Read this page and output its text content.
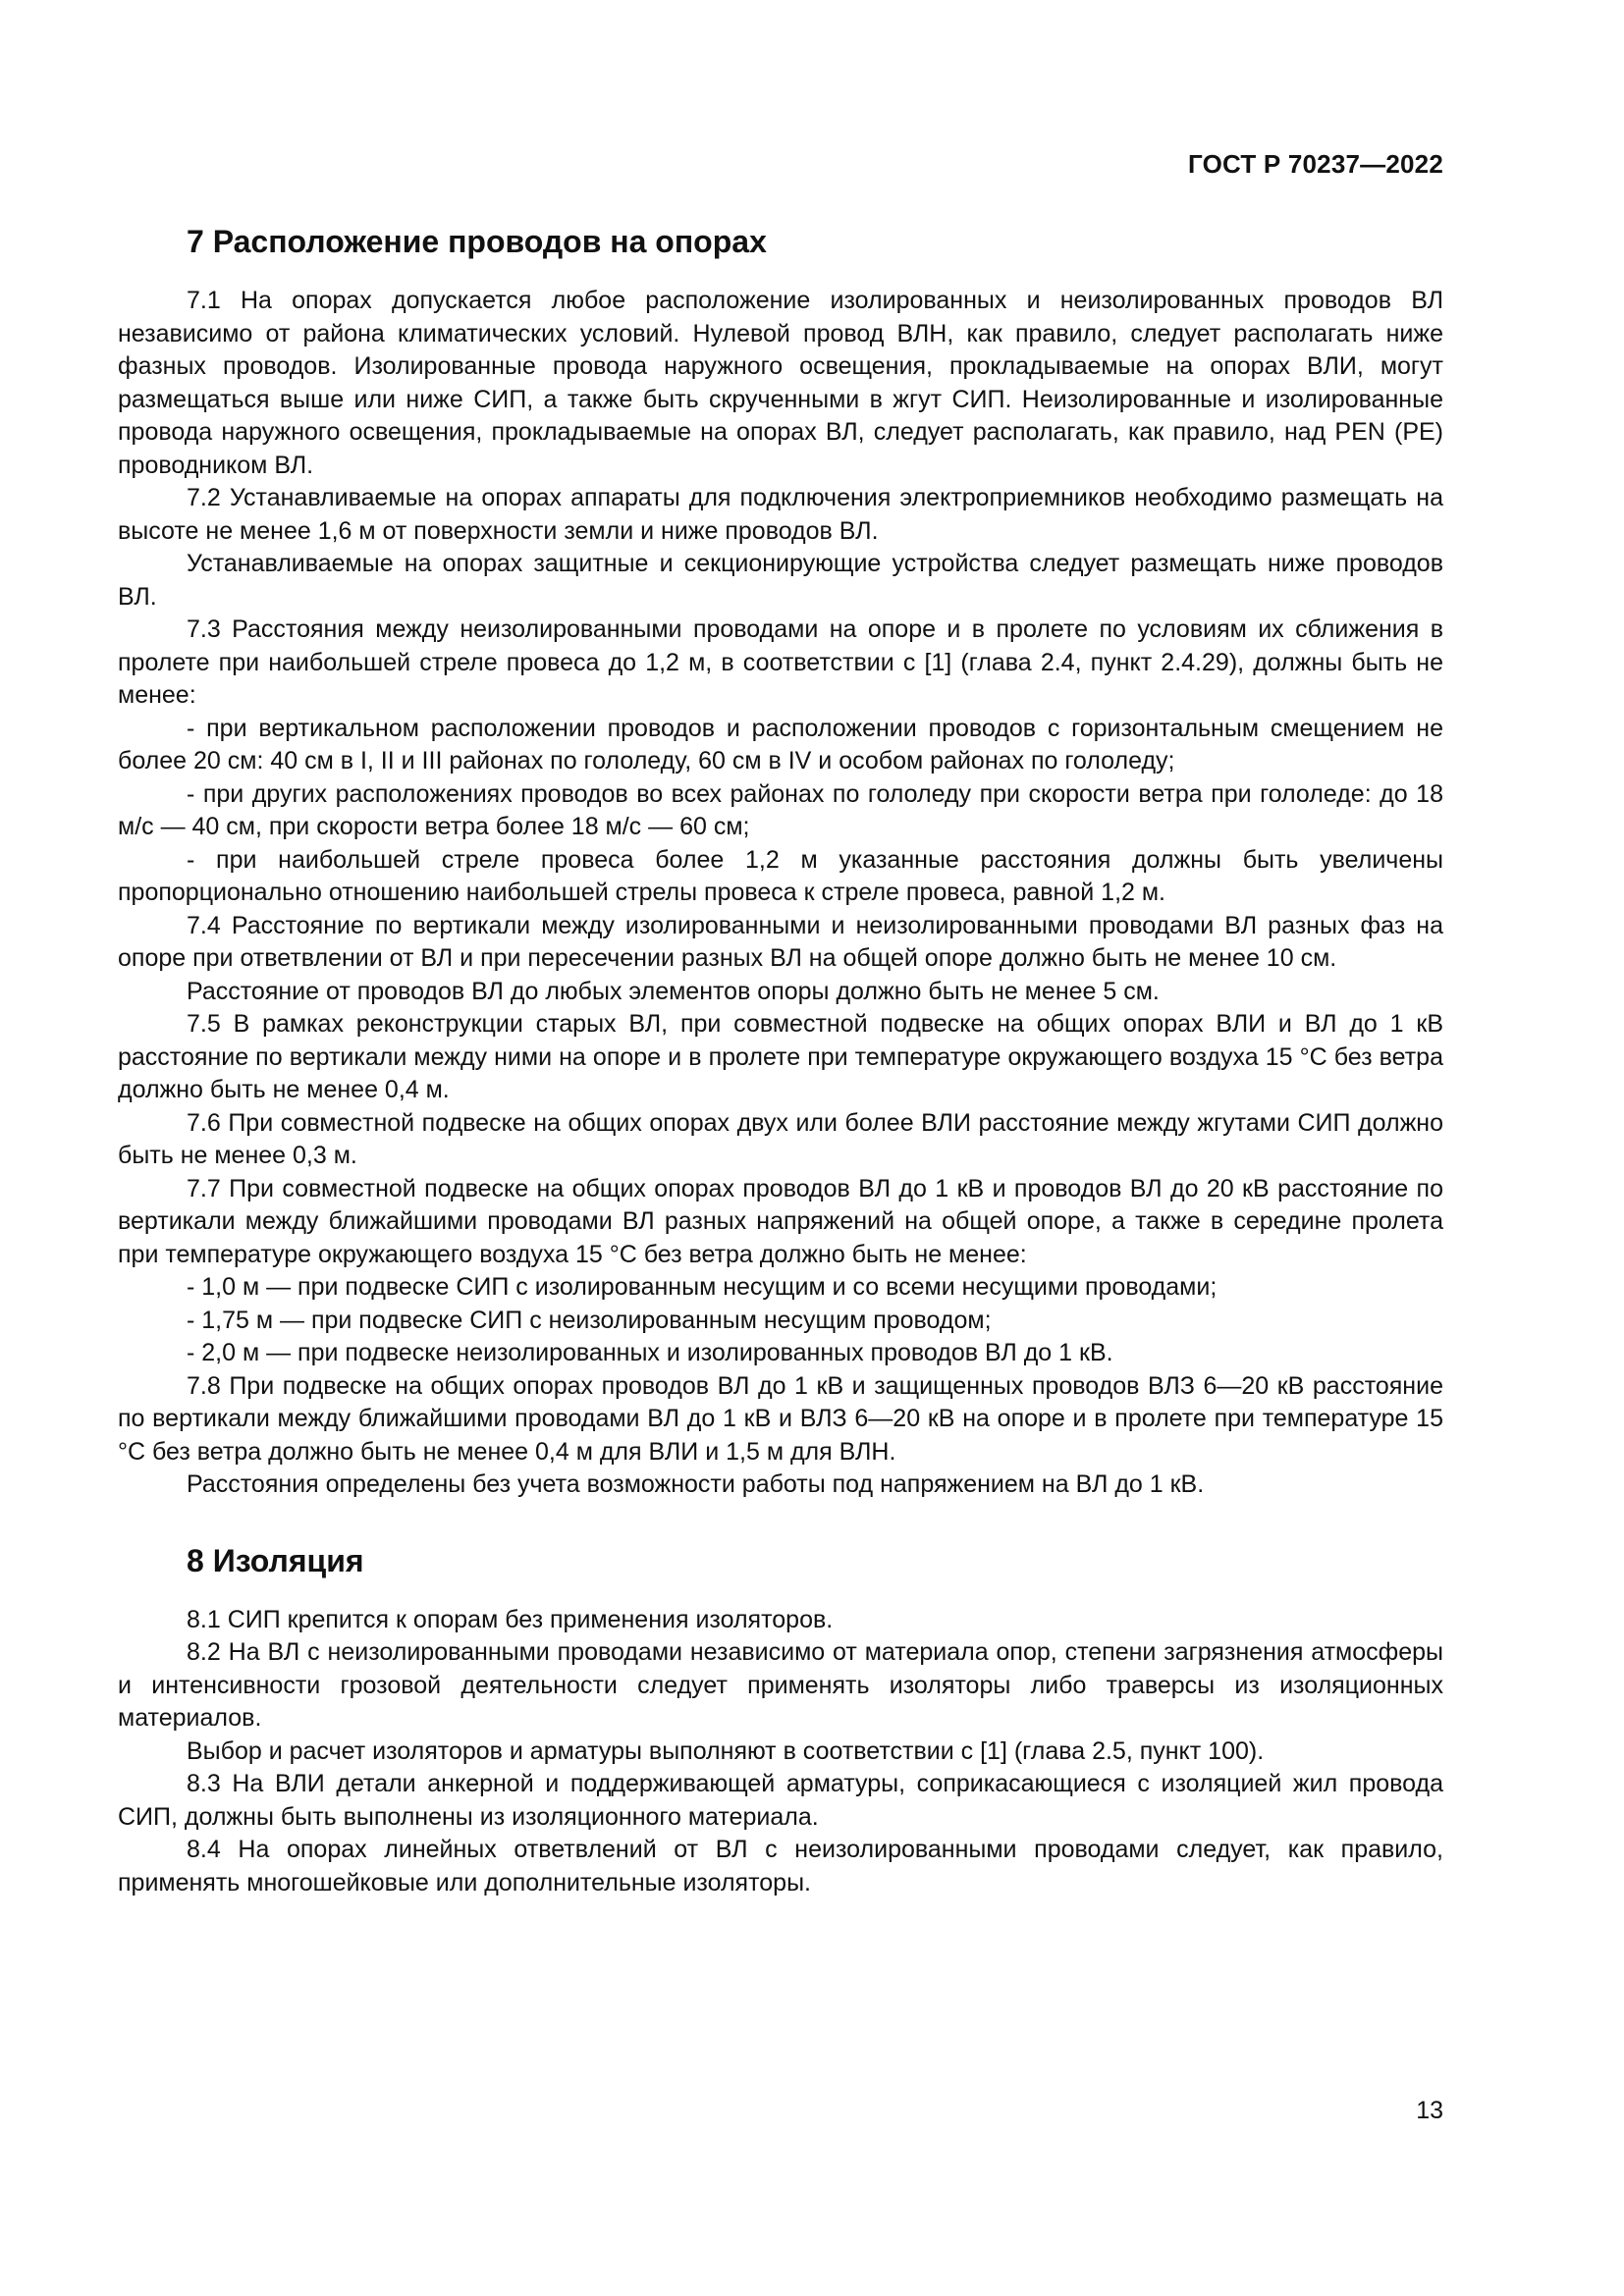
ГОСТ Р 70237—2022
7 Расположение проводов на опорах

7.1 На опорах допускается любое расположение изолированных и неизолированных проводов ВЛ независимо от района климатических условий. Нулевой провод ВЛН, как правило, следует располагать ниже фазных проводов. Изолированные провода наружного освещения, прокладываемые на опорах ВЛИ, могут размещаться выше или ниже СИП, а также быть скрученными в жгут СИП. Неизолированные и изолированные провода наружного освещения, прокладываемые на опорах ВЛ, следует располагать, как правило, над PEN (PE) проводником ВЛ.

7.2 Устанавливаемые на опорах аппараты для подключения электроприемников необходимо размещать на высоте не менее 1,6 м от поверхности земли и ниже проводов ВЛ.

Устанавливаемые на опорах защитные и секционирующие устройства следует размещать ниже проводов ВЛ.

7.3 Расстояния между неизолированными проводами на опоре и в пролете по условиям их сближения в пролете при наибольшей стреле провеса до 1,2 м, в соответствии с [1] (глава 2.4, пункт 2.4.29), должны быть не менее:

- при вертикальном расположении проводов и расположении проводов с горизонтальным смещением не более 20 см: 40 см в I, II и III районах по гололеду, 60 см в IV и особом районах по гололеду;

- при других расположениях проводов во всех районах по гололеду при скорости ветра при гололеде: до 18 м/с — 40 см, при скорости ветра более 18 м/с — 60 см;

- при наибольшей стреле провеса более 1,2 м указанные расстояния должны быть увеличены пропорционально отношению наибольшей стрелы провеса к стреле провеса, равной 1,2 м.

7.4 Расстояние по вертикали между изолированными и неизолированными проводами ВЛ разных фаз на опоре при ответвлении от ВЛ и при пересечении разных ВЛ на общей опоре должно быть не менее 10 см.

Расстояние от проводов ВЛ до любых элементов опоры должно быть не менее 5 см.

7.5 В рамках реконструкции старых ВЛ, при совместной подвеске на общих опорах ВЛИ и ВЛ до 1 кВ расстояние по вертикали между ними на опоре и в пролете при температуре окружающего воздуха 15 °С без ветра должно быть не менее 0,4 м.

7.6 При совместной подвеске на общих опорах двух или более ВЛИ расстояние между жгутами СИП должно быть не менее 0,3 м.

7.7 При совместной подвеске на общих опорах проводов ВЛ до 1 кВ и проводов ВЛ до 20 кВ расстояние по вертикали между ближайшими проводами ВЛ разных напряжений на общей опоре, а также в середине пролета при температуре окружающего воздуха 15 °С без ветра должно быть не менее:

- 1,0 м — при подвеске СИП с изолированным несущим и со всеми несущими проводами;

- 1,75 м — при подвеске СИП с неизолированным несущим проводом;

- 2,0 м — при подвеске неизолированных и изолированных проводов ВЛ до 1 кВ.

7.8 При подвеске на общих опорах проводов ВЛ до 1 кВ и защищенных проводов ВЛЗ 6—20 кВ расстояние по вертикали между ближайшими проводами ВЛ до 1 кВ и ВЛЗ 6—20 кВ на опоре и в пролете при температуре 15 °С без ветра должно быть не менее 0,4 м для ВЛИ и 1,5 м для ВЛН.

Расстояния определены без учета возможности работы под напряжением на ВЛ до 1 кВ.

8 Изоляция

8.1 СИП крепится к опорам без применения изоляторов.

8.2 На ВЛ с неизолированными проводами независимо от материала опор, степени загрязнения атмосферы и интенсивности грозовой деятельности следует применять изоляторы либо траверсы из изоляционных материалов.

Выбор и расчет изоляторов и арматуры выполняют в соответствии с [1] (глава 2.5, пункт 100).

8.3 На ВЛИ детали анкерной и поддерживающей арматуры, соприкасающиеся с изоляцией жил провода СИП, должны быть выполнены из изоляционного материала.

8.4 На опорах линейных ответвлений от ВЛ с неизолированными проводами следует, как правило, применять многошейковые или дополнительные изоляторы.

13
